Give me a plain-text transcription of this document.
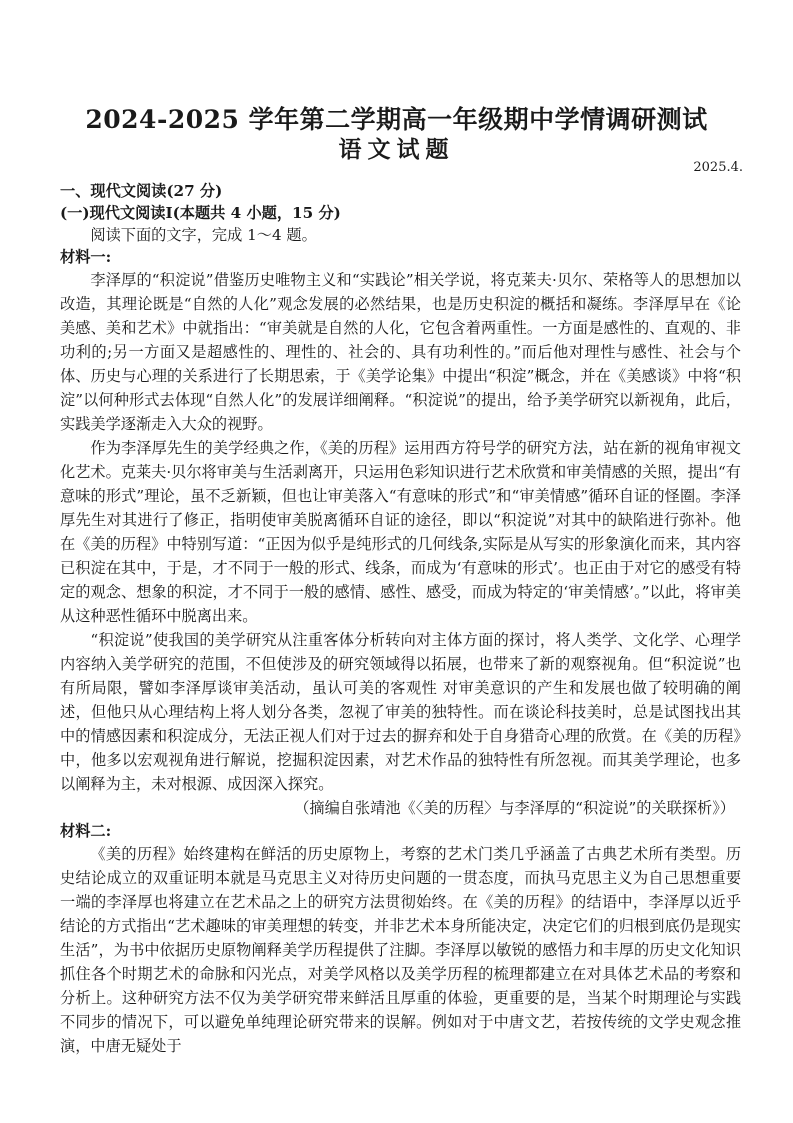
2024-2025 学年第二学期高一年级期中学情调研测试
语文试题
2025.4.

一、现代文阅读(27 分)

(一)现代文阅读Ⅰ(本题共 4 小题，15 分)

阅读下面的文字，完成 1～4 题。

材料一:

李泽厚的“积淀说”借鉴历史唯物主义和“实践论”相关学说，将克莱夫·贝尔、荣格等人的思想加以改造，其理论既是“自然的人化”观念发展的必然结果，也是历史积淀的概括和凝练。李泽厚早在《论美感、美和艺术》中就指出：“审美就是自然的人化，它包含着两重性。一方面是感性的、直观的、非功利的;另一方面又是超感性的、理性的、社会的、具有功利性的。”而后他对理性与感性、社会与个体、历史与心理的关系进行了长期思索，于《美学论集》中提出“积淀”概念，并在《美感谈》中将“积淀”以何种形式去体现“自然人化”的发展详细阐释。“积淀说”的提出，给予美学研究以新视角，此后，实践美学逐渐走入大众的视野。

作为李泽厚先生的美学经典之作，《美的历程》运用西方符号学的研究方法，站在新的视角审视文化艺术。克莱夫·贝尔将审美与生活剥离开，只运用色彩知识进行艺术欣赏和审美情感的关照，提出“有意味的形式”理论，虽不乏新颖，但也让审美落入“有意味的形式”和“审美情感”循环自证的怪圈。李泽厚先生对其进行了修正，指明使审美脱离循环自证的途径，即以“积淀说”对其中的缺陷进行弥补。他在《美的历程》中特别写道：“正因为似乎是纯形式的几何线条,实际是从写实的形象演化而来，其内容已积淀在其中，于是，才不同于一般的形式、线条，而成为‘有意味的形式’。也正由于对它的感受有特定的观念、想象的积淀，才不同于一般的感情、感性、感受，而成为特定的‘审美情感’。”以此，将审美从这种恶性循环中脱离出来。

“积淀说”使我国的美学研究从注重客体分析转向对主体方面的探讨，将人类学、文化学、心理学内容纳入美学研究的范围，不但使涉及的研究领域得以拓展，也带来了新的观察视角。但“积淀说”也有所局限，譬如李泽厚谈审美活动，虽认可美的客观性 对审美意识的产生和发展也做了较明确的阐述，但他只从心理结构上将人划分各类，忽视了审美的独特性。而在谈论科技美时，总是试图找出其中的情感因素和积淀成分，无法正视人们对于过去的摒弃和处于自身猎奇心理的欣赏。在《美的历程》中，他多以宏观视角进行解说，挖掘积淀因素，对艺术作品的独特性有所忽视。而其美学理论，也多以阐释为主，未对根源、成因深入探究。

（摘编自张靖池《〈美的历程〉与李泽厚的“积淀说”的关联探析》）

材料二:

《美的历程》始终建构在鲜活的历史原物上，考察的艺术门类几乎涵盖了古典艺术所有类型。历史结论成立的双重证明本就是马克思主义对待历史问题的一贯态度，而执马克思主义为自己思想重要一端的李泽厚也将建立在艺术品之上的研究方法贯彻始终。在《美的历程》的结语中，李泽厚以近乎结论的方式指出“艺术趣味的审美理想的转变，并非艺术本身所能决定，决定它们的归根到底仍是现实生活”，为书中依据历史原物阐释美学历程提供了注脚。李泽厚以敏锐的感悟力和丰厚的历史文化知识抓住各个时期艺术的命脉和闪光点，对美学风格以及美学历程的梳理都建立在对具体艺术品的考察和分析上。这种研究方法不仅为美学研究带来鲜活且厚重的体验，更重要的是，当某个时期理论与实践不同步的情况下，可以避免单纯理论研究带来的误解。例如对于中唐文艺，若按传统的文学史观念推演，中唐无疑处于
